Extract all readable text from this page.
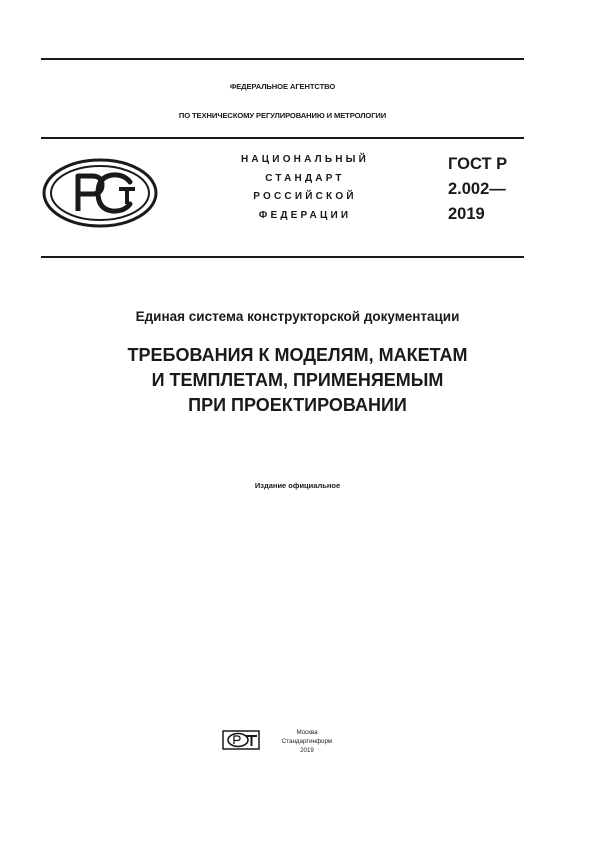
ФЕДЕРАЛЬНОЕ АГЕНТСТВО
ПО ТЕХНИЧЕСКОМУ РЕГУЛИРОВАНИЮ И МЕТРОЛОГИИ
НАЦИОНАЛЬНЫЙ
СТАНДАРТ
РОССИЙСКОЙ
ФЕДЕРАЦИИ
ГОСТ Р
2.002—
2019
Единая система конструкторской документации
ТРЕБОВАНИЯ К МОДЕЛЯМ, МАКЕТАМ
И ТЕМПЛЕТАМ, ПРИМЕНЯЕМЫМ
ПРИ ПРОЕКТИРОВАНИИ
Издание официальное
Москва
Стандартинформ
2019
